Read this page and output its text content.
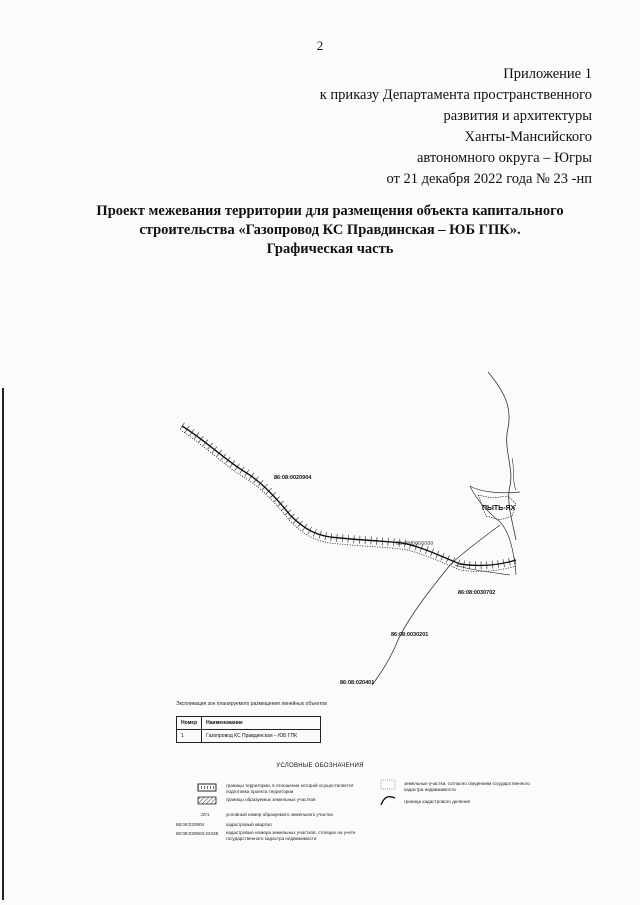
2
Приложение 1
к приказу Департамента пространственного
развития и архитектуры
Ханты-Мансийского
автономного округа – Югры
от 21 декабря 2022 года № 23 -нп
Проект межевания территории для размещения объекта капитального
строительства «Газопровод КС Правдинская – ЮБ ГПК».
Графическая часть
86:08:0020904
86:08:0030702
86:08:0030201
86:08:020401
86:08:0000000
ПЫТЬ-ЯХ
Экспликация зон планируемого размещения линейных объектов
Номер	Наименование
1	Газопровод КС Правдинская – ЮБ ГПК
УСЛОВНЫЕ ОБОЗНАЧЕНИЯ
границы территории, в отношении которой осуществляется подготовка проекта территории
границы образуемых земельных участков
:ЗУ1	условный номер образуемого земельного участка
86:08:020904	кадастровый квартал
86:08:020904:23438 кадастровые номера земельных участков, стоящих на учете государственного кадастра недвижимости
земельные участки, согласно сведениям государственного кадастра недвижимости
граница кадастрового деления
